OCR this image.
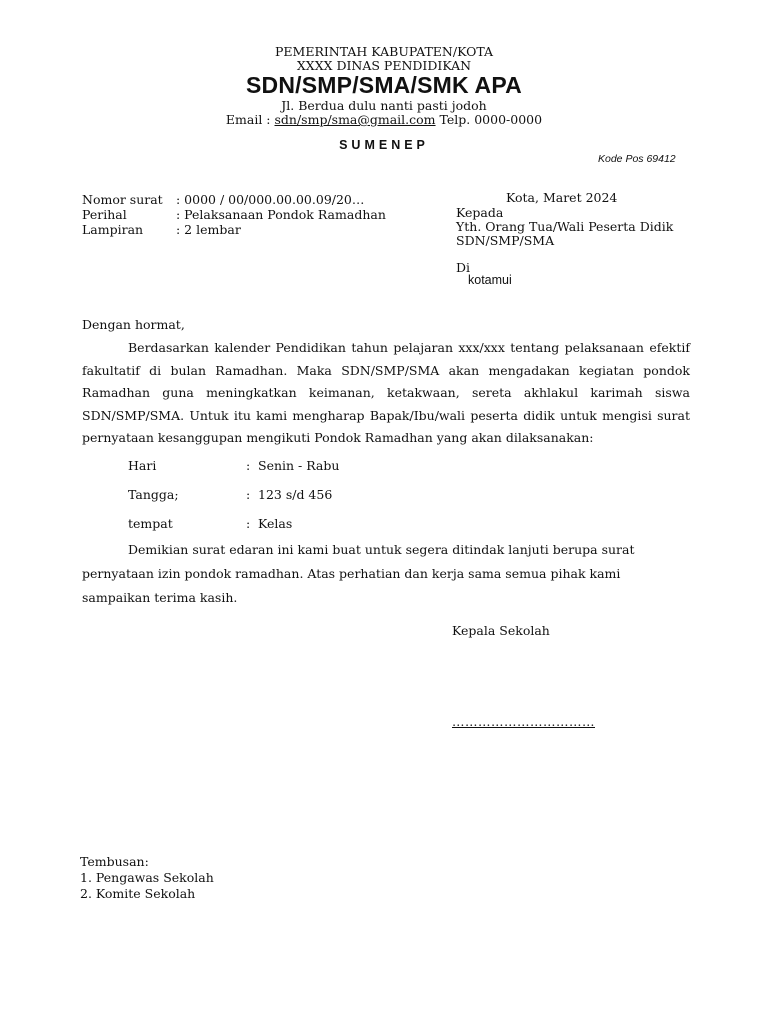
PEMERINTAH KABUPATEN/KOTA
XXXX DINAS PENDIDIKAN
SDN/SMP/SMA/SMK APA
Jl. Berdua dulu nanti pasti jodoh
Email : sdn/smp/sma@gmail.com Telp. 0000-0000
SUMENEP
Kode Pos 69412
Nomor surat : 0000 / 00/000.00.00.09/20…
Perihal	: Pelaksanaan Pondok Ramadhan
Lampiran	: 2 lembar
Kota, Maret 2024
Kepada
Yth. Orang Tua/Wali Peserta Didik
SDN/SMP/SMA
Di
kotamui
Dengan hormat,
Berdasarkan kalender Pendidikan tahun pelajaran xxx/xxx tentang pelaksanaan efektif fakultatif di bulan Ramadhan. Maka SDN/SMP/SMA akan mengadakan kegiatan pondok Ramadhan guna meningkatkan keimanan, ketakwaan, sereta akhlakul karimah siswa SDN/SMP/SMA. Untuk itu kami mengharap Bapak/Ibu/wali peserta didik untuk mengisi surat pernyataan kesanggupan mengikuti Pondok Ramadhan yang akan dilaksanakan:
Hari	: Senin - Rabu
Tangga;	: 123 s/d 456
tempat	: Kelas
Demikian surat edaran ini kami buat untuk segera ditindak lanjuti berupa surat pernyataan izin pondok ramadhan. Atas perhatian dan kerja sama semua pihak kami sampaikan terima kasih.
Kepala Sekolah
……………………………
Tembusan:
1. Pengawas Sekolah
2. Komite Sekolah
